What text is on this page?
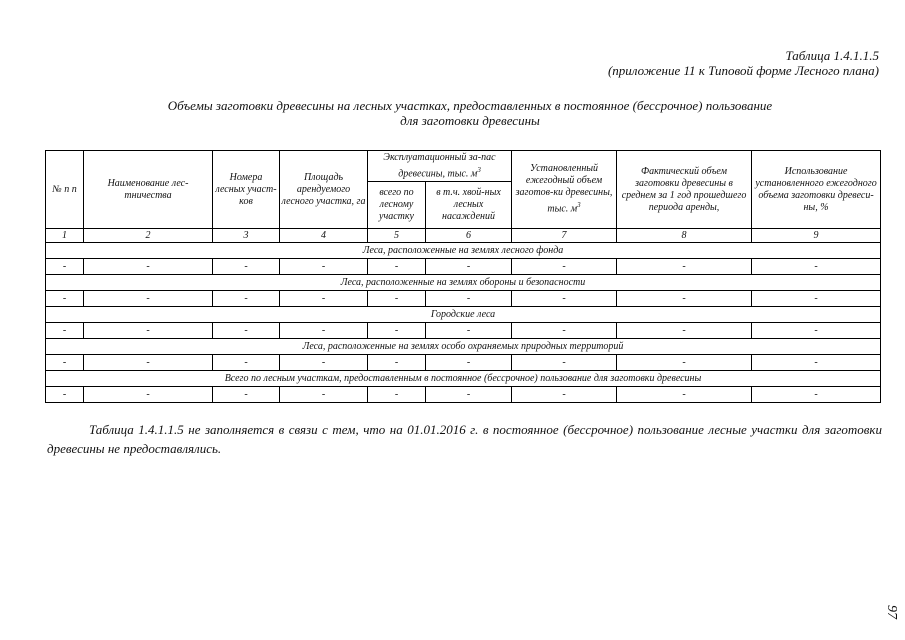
Таблица 1.4.1.1.5
(приложение 11 к Типовой форме Лесного плана)
Объемы заготовки древесины на лесных участках, предоставленных в постоянное (бессрочное) пользование
для заготовки древесины
№ п п	Наименование лес-тничества	Номера лесных участ-ков	Площадь арендуемого лесного участка, га	Эксплуатационный за-пас древесины, тыс. $м^3$		Установленный ежегодный объем заготов-ки древесины, тыс. $м^3$	Фактический объем заготовки древесины в среднем за 1 год прошедшего периода аренды,	Использование установленного ежегодного объема заготовки древеси-ны, %
				всего по лесному участку	в т.ч. хвой-ных лесных насаждений			
1	2	3	4	5	6	7	8	9
Леса, расположенные на землях лесного фонда								
-	-	-	-	-	-	-	-	-
Леса, расположенные на землях обороны и безопасности								
-	-	-	-	-	-	-	-	-
Городские леса								
-	-	-	-	-	-	-	-	-
Леса, расположенные на землях особо охраняемых природных территорий								
-	-	-	-	-	-	-	-	-
Всего по лесным участкам, предоставленным в постоянное (бессрочное) пользование для заготовки древесины								
-	-	-	-	-	-	-	-	-
Таблица 1.4.1.1.5 не заполняется в связи с тем, что на 01.01.2016 г. в постоянное (бессрочное) пользование лесные участки для заготовки древесины не предоставлялись.
97
